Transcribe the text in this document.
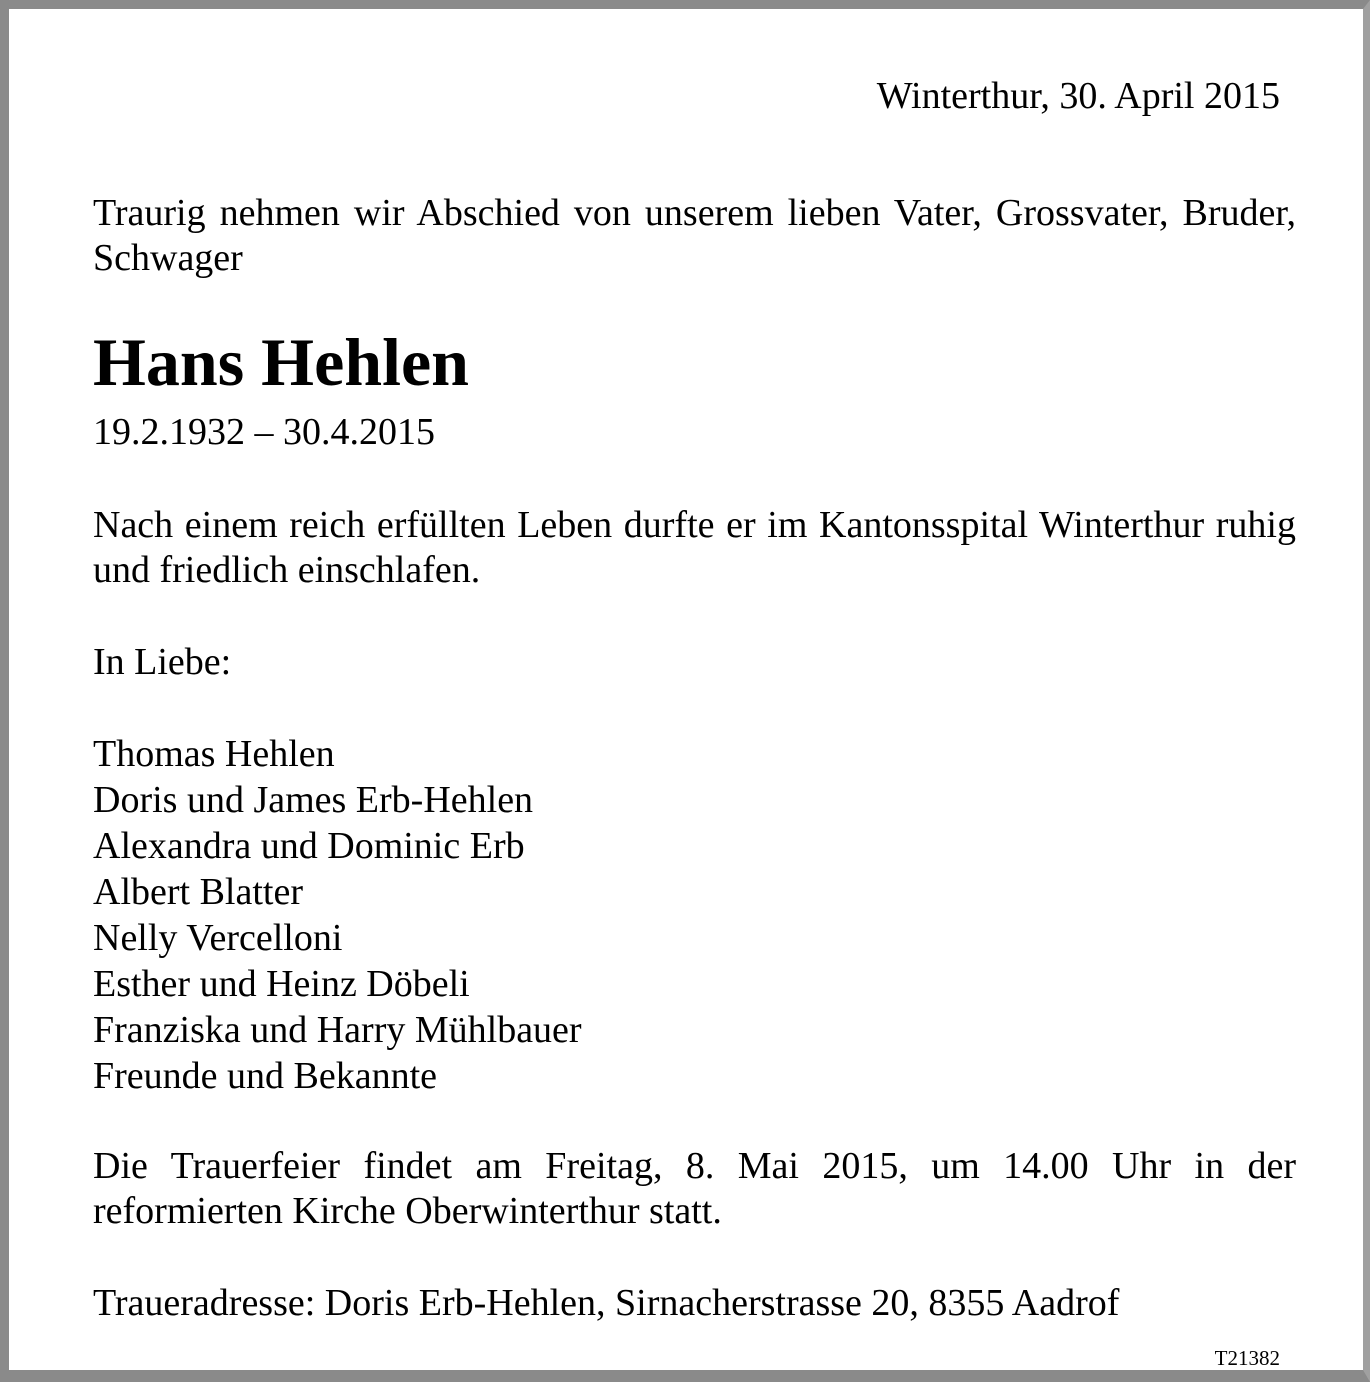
Winterthur, 30. April 2015
Traurig nehmen wir Abschied von unserem lieben Vater, Grossvater, Bruder, Schwager
Hans Hehlen
19.2.1932 – 30.4.2015
Nach einem reich erfüllten Leben durfte er im Kantonsspital Winterthur ruhig und friedlich einschlafen.
In Liebe:
Thomas Hehlen
Doris und James Erb-Hehlen
Alexandra und Dominic Erb
Albert Blatter
Nelly Vercelloni
Esther und Heinz Döbeli
Franziska und Harry Mühlbauer
Freunde und Bekannte
Die Trauerfeier findet am Freitag, 8. Mai 2015, um 14.00 Uhr in der reformierten Kirche Oberwinterthur statt.
Traueradresse: Doris Erb-Hehlen, Sirnacherstrasse 20, 8355 Aadrof
T21382
